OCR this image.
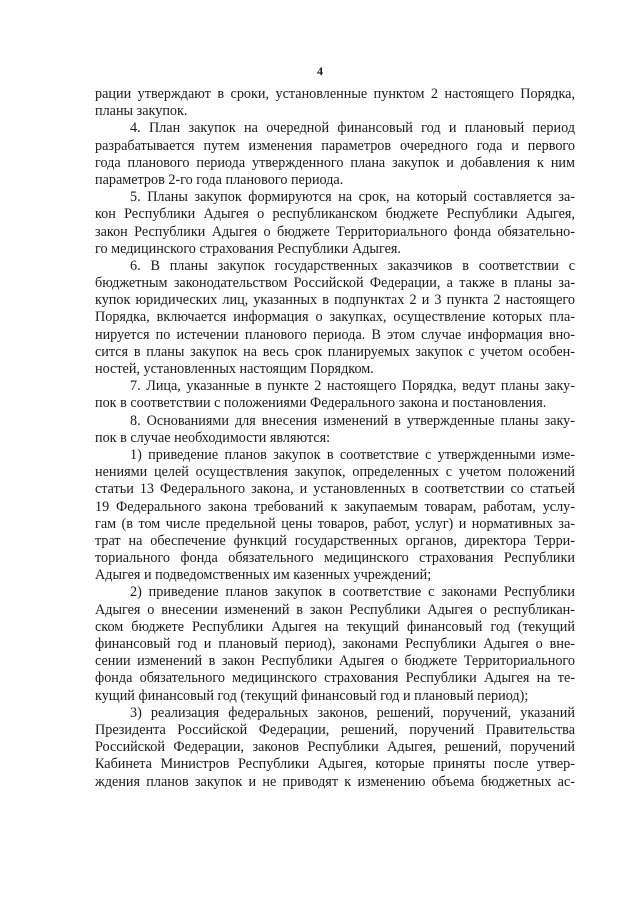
4
рации утверждают в сроки, установленные пунктом 2 настоящего Порядка,
планы закупок.
4. План закупок на очередной финансовый год и плановый период
разрабатывается путем изменения параметров очередного года и первого
года планового периода утвержденного плана закупок и добавления к ним
параметров 2-го года планового периода.
5. Планы закупок формируются на срок, на который составляется за-
кон Республики Адыгея о республиканском бюджете Республики Адыгея,
закон Республики Адыгея о бюджете Территориального фонда обязательно-
го медицинского страхования Республики Адыгея.
6. В планы закупок государственных заказчиков в соответствии с
бюджетным законодательством Российской Федерации, а также в планы за-
купок юридических лиц, указанных в подпунктах 2 и 3 пункта 2 настоящего
Порядка, включается информация о закупках, осуществление которых пла-
нируется по истечении планового периода. В этом случае информация вно-
сится в планы закупок на весь срок планируемых закупок с учетом особен-
ностей, установленных настоящим Порядком.
7. Лица, указанные в пункте 2 настоящего Порядка, ведут планы заку-
пок в соответствии с положениями Федерального закона и постановления.
8. Основаниями для внесения изменений в утвержденные планы заку-
пок в случае необходимости являются:
1) приведение планов закупок в соответствие с утвержденными изме-
нениями целей осуществления закупок, определенных с учетом положений
статьи 13 Федерального закона, и установленных в соответствии со статьей
19 Федерального закона требований к закупаемым товарам, работам, услу-
гам (в том числе предельной цены товаров, работ, услуг) и нормативных за-
трат на обеспечение функций государственных органов, директора Терри-
ториального фонда обязательного медицинского страхования Республики
Адыгея и подведомственных им казенных учреждений;
2) приведение планов закупок в соответствие с законами Республики
Адыгея о внесении изменений в закон Республики Адыгея о республикан-
ском бюджете Республики Адыгея на текущий финансовый год (текущий
финансовый год и плановый период), законами Республики Адыгея о вне-
сении изменений в закон Республики Адыгея о бюджете Территориального
фонда обязательного медицинского страхования Республики Адыгея на те-
кущий финансовый год (текущий финансовый год и плановый период);
3) реализация федеральных законов, решений, поручений, указаний
Президента Российской Федерации, решений, поручений Правительства
Российской Федерации, законов Республики Адыгея, решений, поручений
Кабинета Министров Республики Адыгея, которые приняты после утвер-
ждения планов закупок и не приводят к изменению объема бюджетных ас-
